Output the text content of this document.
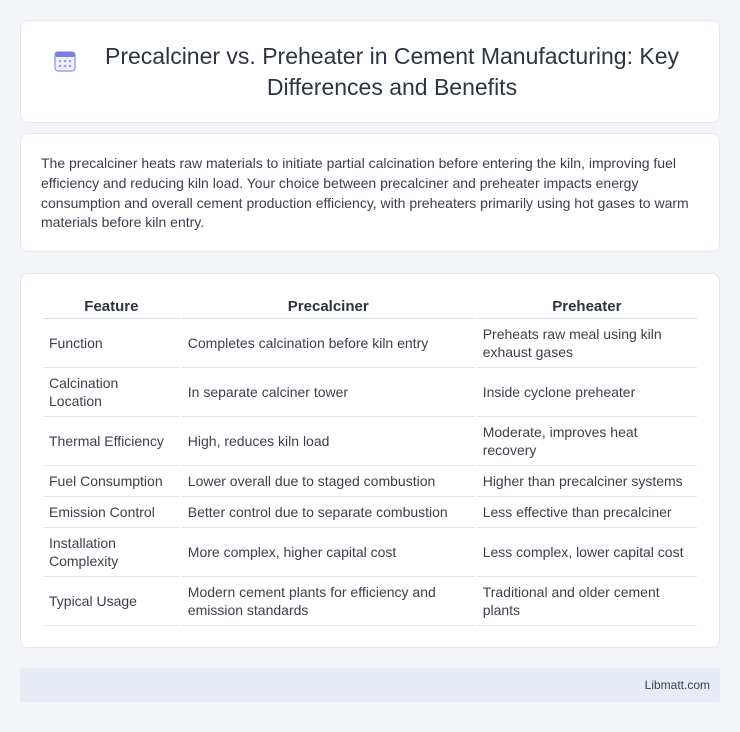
Precalciner vs. Preheater in Cement Manufacturing: Key Differences and Benefits

The precalciner heats raw materials to initiate partial calcination before entering the kiln, improving fuel efficiency and reducing kiln load. Your choice between precalciner and preheater impacts energy consumption and overall cement production efficiency, with preheaters primarily using hot gases to warm materials before kiln entry.

Feature	Precalciner	Preheater
Function	Completes calcination before kiln entry	Preheats raw meal using kiln exhaust gases
Calcination Location	In separate calciner tower	Inside cyclone preheater
Thermal Efficiency	High, reduces kiln load	Moderate, improves heat recovery
Fuel Consumption	Lower overall due to staged combustion	Higher than precalciner systems
Emission Control	Better control due to separate combustion	Less effective than precalciner
Installation Complexity	More complex, higher capital cost	Less complex, lower capital cost
Typical Usage	Modern cement plants for efficiency and emission standards	Traditional and older cement plants
Libmatt.com
